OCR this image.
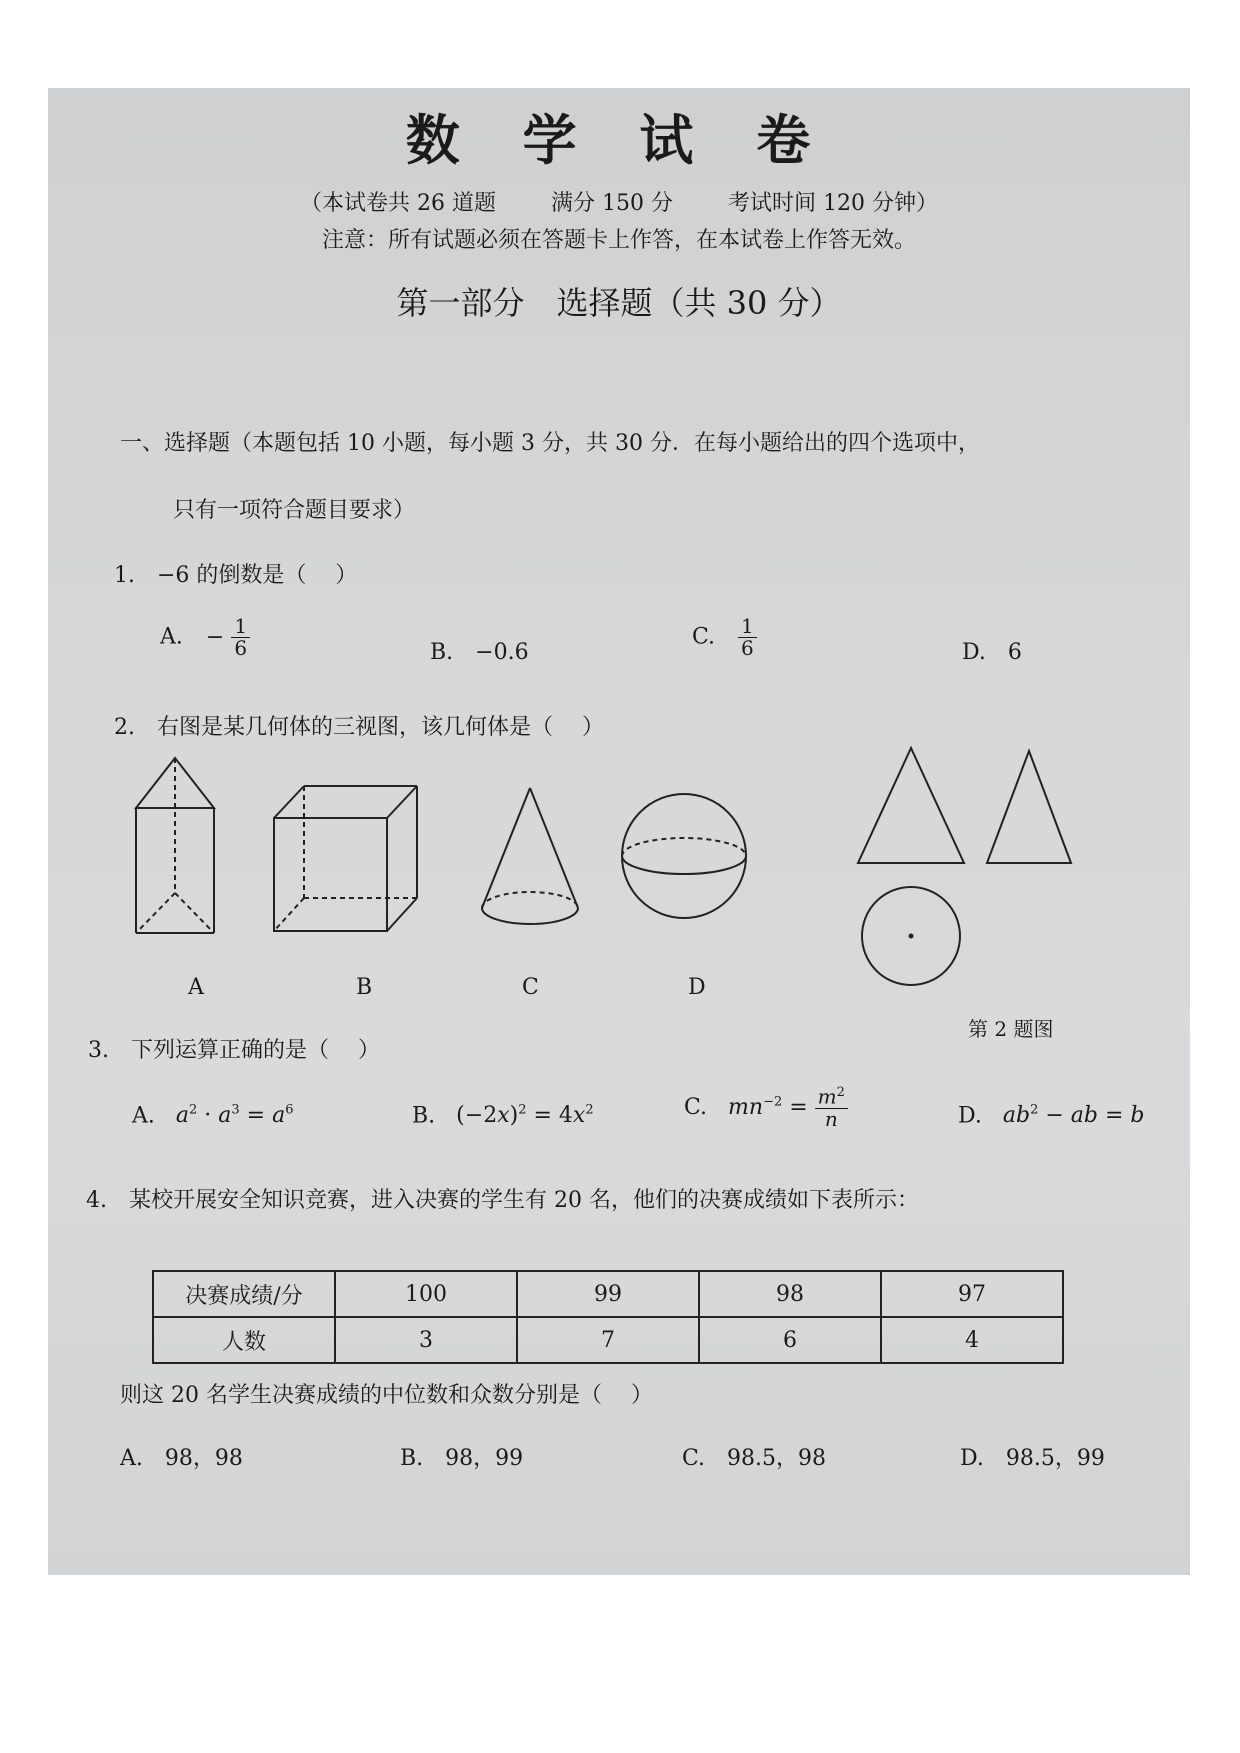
数 学 试 卷
（本试卷共 26 道题	满分 150 分	考试时间 120 分钟）
注意：所有试题必须在答题卡上作答，在本试卷上作答无效。
第一部分　选择题（共 30 分）
一、选择题（本题包括 10 小题，每小题 3 分，共 30 分．在每小题给出的四个选项中，
只有一项符合题目要求）
1.　−6 的倒数是（　 ）
A. − $\frac{1}{6}$	B.　−0.6
C. $\frac{1}{6}$	D.　6
2.　右图是某几何体的三视图，该几何体是（　 ）
A	B	C	D
第 2 题图
3.　下列运算正确的是（　 ）
A. $a^2 \cdot a^3 = a^6$	B. $(-2x)^2 = 4x^2$	C. $mn^{-2} = \frac{m^2}{n}$	D. $ab^2$ − ab = b
4.　某校开展安全知识竞赛，进入决赛的学生有 20 名，他们的决赛成绩如下表所示：
决赛成绩/分	100	99	98	97
人数	3	7	6	4
则这 20 名学生决赛成绩的中位数和众数分别是（　 ）
A.　98，98	B.　98，99	C.　98.5，98	D.　98.5，99
